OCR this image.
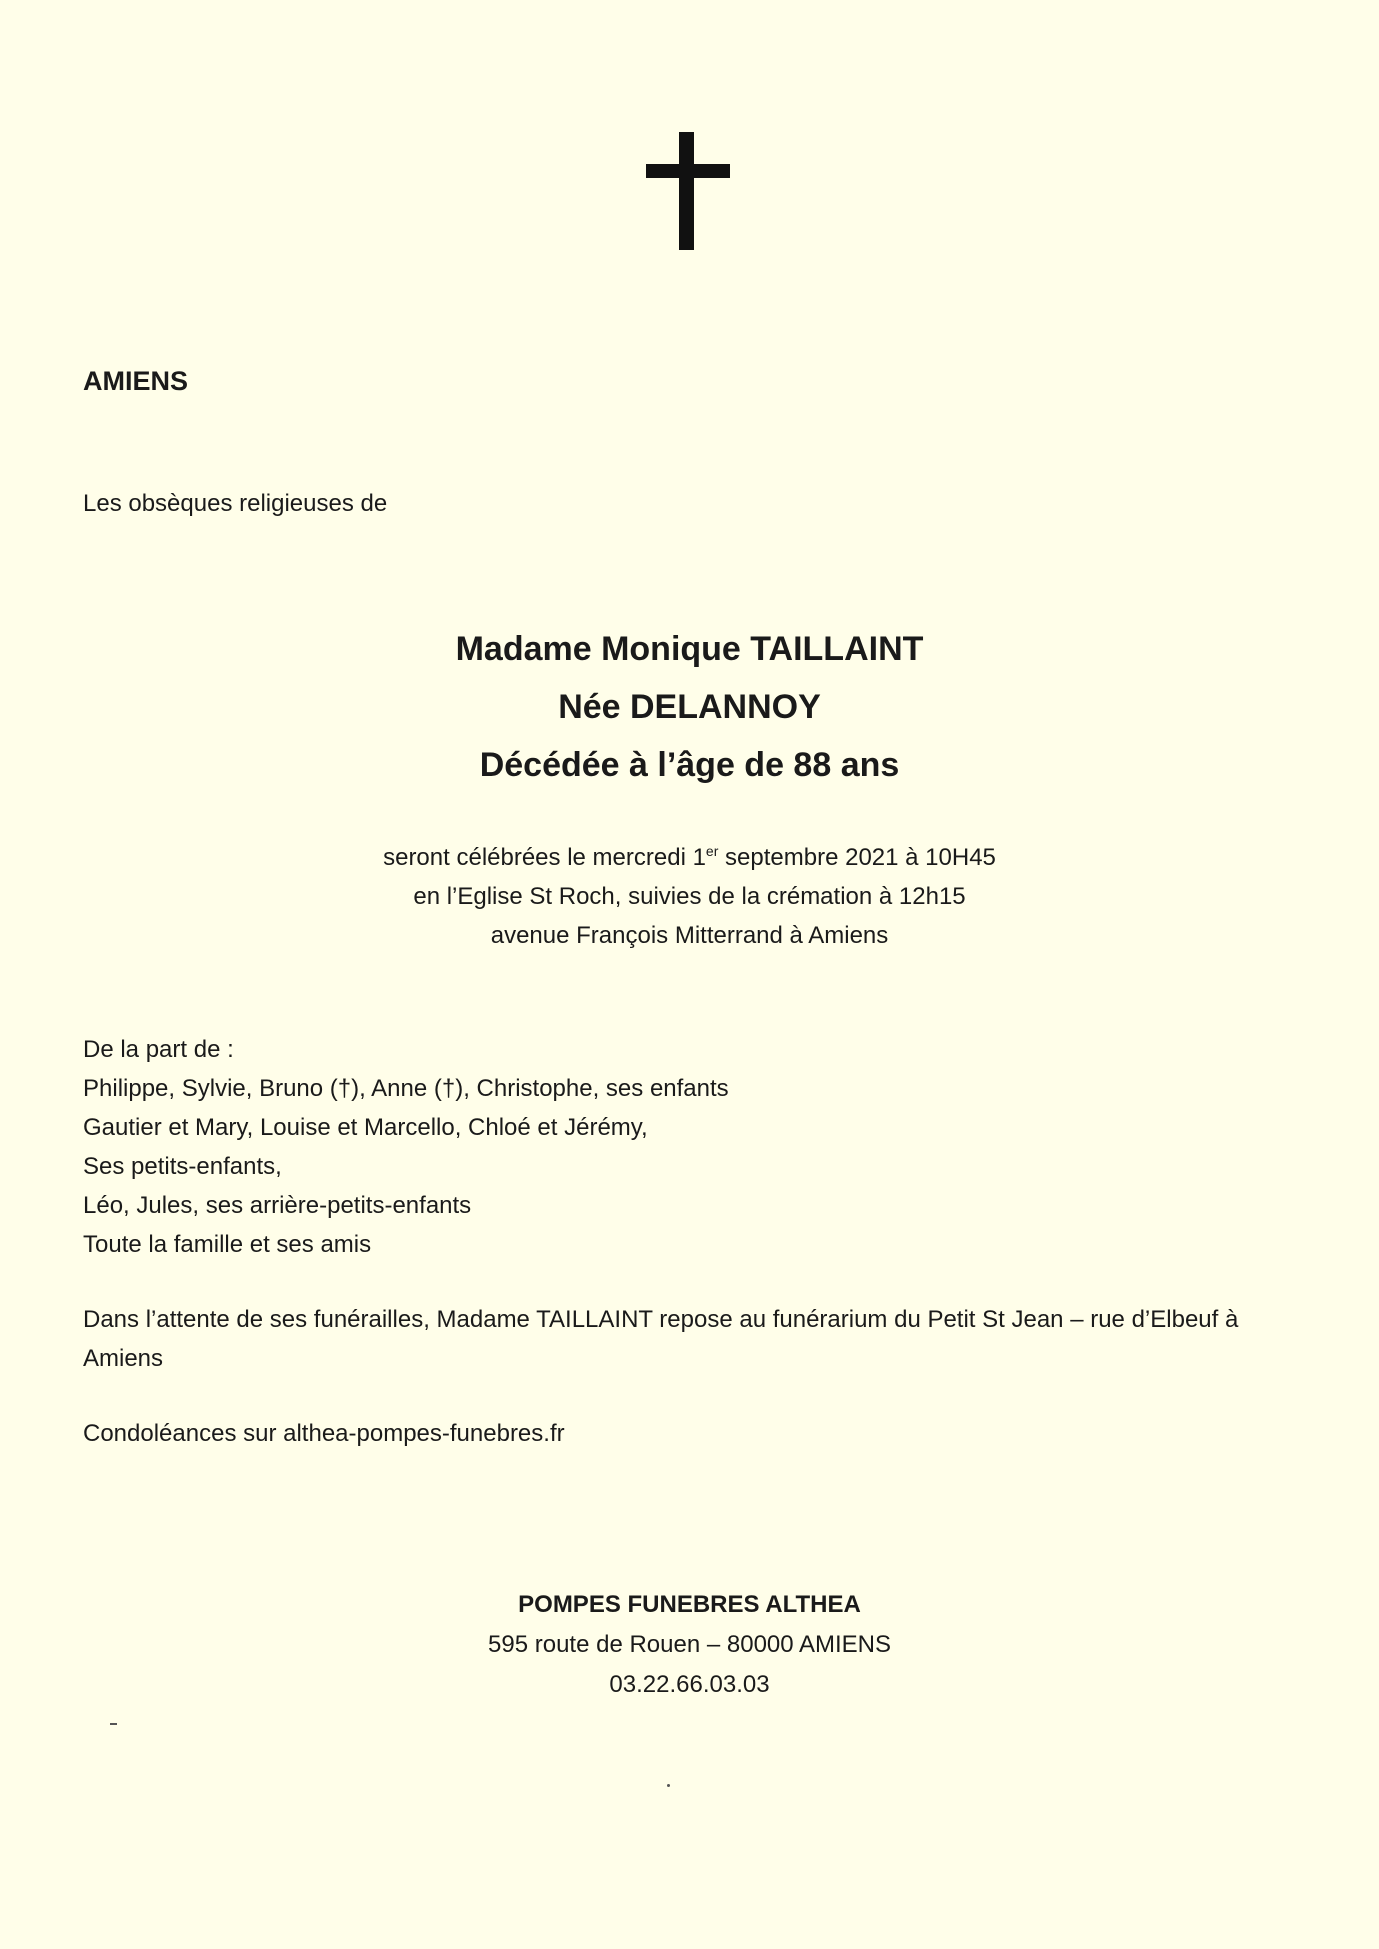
AMIENS
Les obsèques religieuses de
Madame Monique TAILLAINT
Née DELANNOY
Décédée à l’âge de 88 ans
seront célébrées le mercredi 1er septembre 2021 à 10H45
en l’Eglise St Roch, suivies de la crémation à 12h15
avenue François Mitterrand à Amiens
De la part de :
Philippe, Sylvie, Bruno (†), Anne (†), Christophe, ses enfants
Gautier et Mary, Louise et Marcello, Chloé et Jérémy,
Ses petits-enfants,
Léo, Jules, ses arrière-petits-enfants
Toute la famille et ses amis
Dans l’attente de ses funérailles, Madame TAILLAINT repose au funérarium du Petit St Jean – rue d’Elbeuf à Amiens
Condoléances sur althea-pompes-funebres.fr
POMPES FUNEBRES ALTHEA
595 route de Rouen – 80000 AMIENS
03.22.66.03.03
